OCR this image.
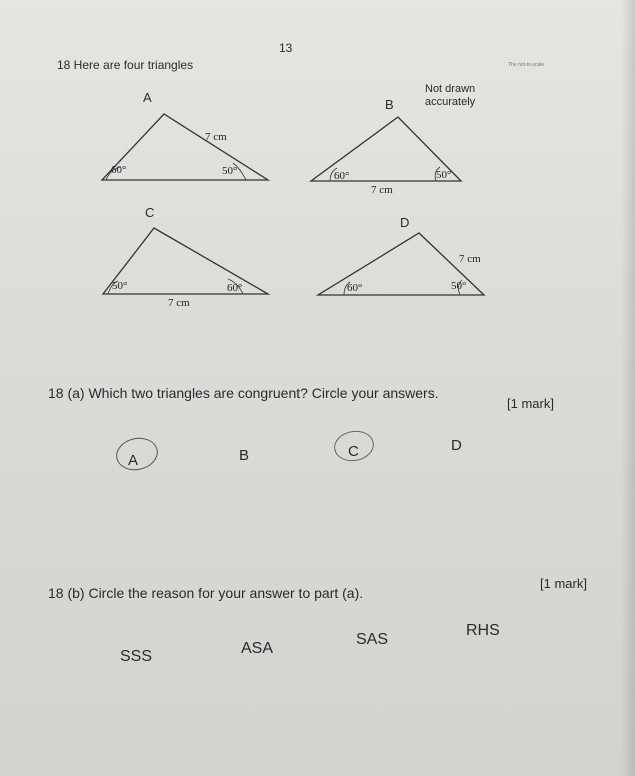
13
18 Here are four triangles
Not drawn accurately
The not-to-scale
A	B
C
D
60°	50°
7 cm
60°	50°
7 cm
50°	60°
7 cm
60°	50°
7 cm
18 (a) Which two triangles are congruent? Circle your answers.
[1 mark]
A	B	C	D
18 (b) Circle the reason for your answer to part (a).
[1 mark]
SSS	ASA
SAS
RHS
